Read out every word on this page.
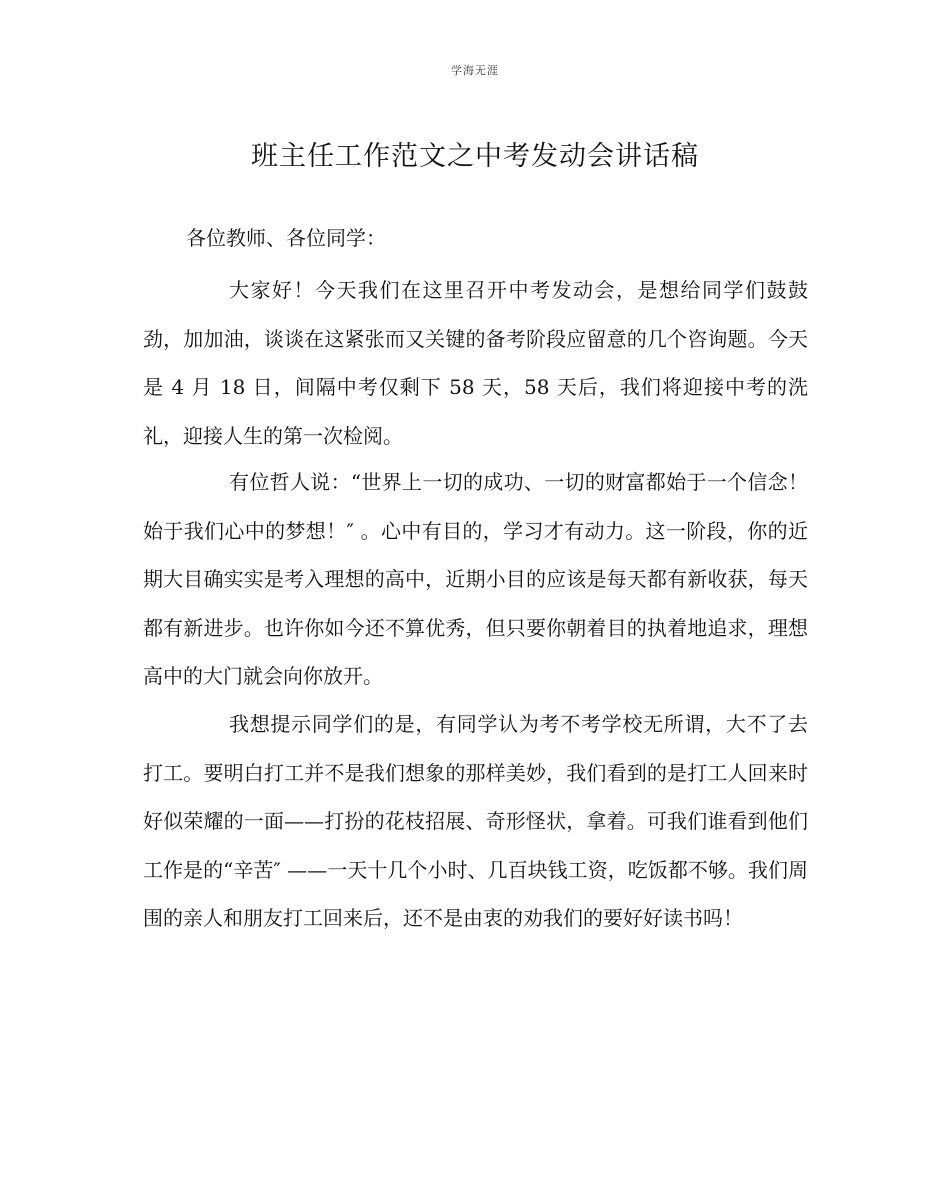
学海无涯
班主任工作范文之中考发动会讲话稿

各位教师、各位同学：

大家好！今天我们在这里召开中考发动会，是想给同学们鼓鼓劲，加加油，谈谈在这紧张而又关键的备考阶段应留意的几个咨询题。今天是 4 月 18 日，间隔中考仅剩下 58 天，58 天后，我们将迎接中考的洗礼，迎接人生的第一次检阅。

有位哲人说：“世界上一切的成功、一切的财富都始于一个信念！始于我们心中的梦想！″ 。心中有目的，学习才有动力。这一阶段，你的近期大目确实实是考入理想的高中，近期小目的应该是每天都有新收获，每天都有新进步。也许你如今还不算优秀，但只要你朝着目的执着地追求，理想高中的大门就会向你放开。

我想提示同学们的是，有同学认为考不考学校无所谓，大不了去打工。要明白打工并不是我们想象的那样美妙，我们看到的是打工人回来时好似荣耀的一面——打扮的花枝招展、奇形怪状，拿着。可我们谁看到他们工作是的“辛苦″ ——一天十几个小时、几百块钱工资，吃饭都不够。我们周围的亲人和朋友打工回来后，还不是由衷的劝我们的要好好读书吗！
